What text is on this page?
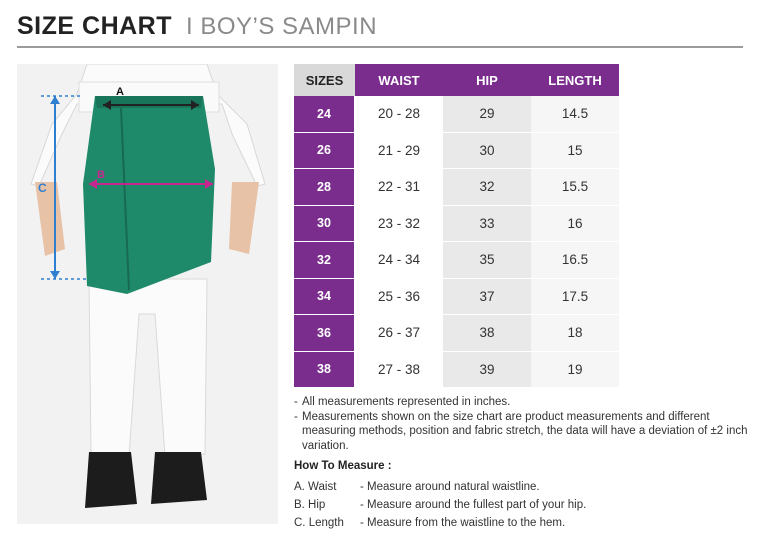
SIZE CHART I BOY’S SAMPIN
A
B
C
SIZES	WAIST	HIP	LENGTH
24	20 - 28	29	14.5
26	21 - 29	30	15
28	22 - 31	32	15.5
30	23 - 32	33	16
32	24 - 34	35	16.5
34	25 - 36	37	17.5
36	26 - 37	38	18
38	27 - 38	39	19
- All measurements represented in inches.
- Measurements shown on the size chart are product measurements and different measuring methods, position and fabric stretch, the data will have a deviation of ±2 inch variation.
How To Measure :
A. Waist	- Measure around natural waistline.
B. Hip	- Measure around the fullest part of your hip.
C. Length	- Measure from the waistline to the hem.
